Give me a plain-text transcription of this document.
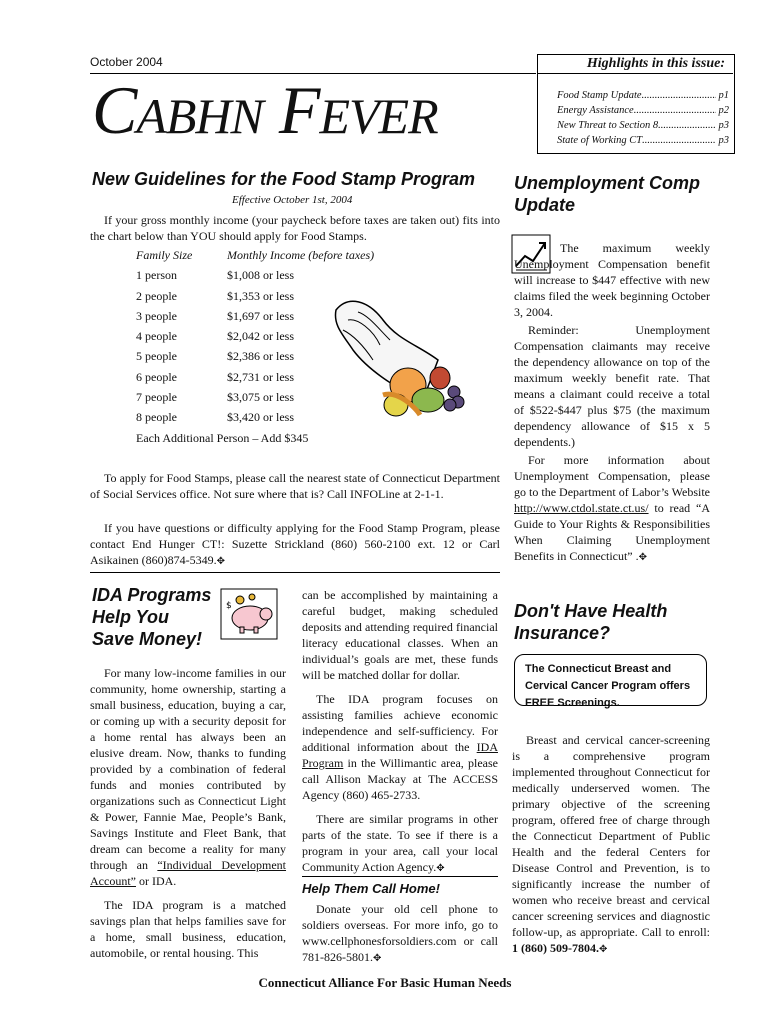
October 2004
CABHN FEVER
Highlights in this issue:
Food Stamp Update .....	p1
Energy Assistance .....	p2
New Threat to Section 8 .....	p3
State of Working CT .....	p3
New Guidelines for the Food Stamp Program
Effective October 1st, 2004

If your gross monthly income (your paycheck before taxes are taken out) fits into the chart below than YOU should apply for Food Stamps.

Family Size	Monthly Income (before taxes)
1 person	$1,008 or less
2 people	$1,353 or less
3 people	$1,697 or less
4 people	$2,042 or less
5 people	$2,386 or less
6 people	$2,731 or less
7 people	$3,075 or less
8 people	$3,420 or less
Each Additional Person – Add $345

To apply for Food Stamps, please call the nearest state of Connecticut Department of Social Services office. Not sure where that is? Call INFOLine at 2-1-1.

If you have questions or difficulty applying for the Food Stamp Program, please contact End Hunger CT!: Suzette Strickland (860) 560-2100 ext. 12 or Carl Asikainen (860)874-5349.✥

Unemployment Comp
Update

The maximum weekly Unemployment Compensation benefit will increase to $447 effective with new claims filed the week beginning October 3, 2004.

Reminder: Unemployment Compensation claimants may receive the dependency allowance on top of the maximum weekly benefit rate. That means a claimant could receive a total of $522-$447 plus $75 (the maximum dependency allowance of $15 x 5 dependents.)

For more information about Unemployment Compensation, please go to the Department of Labor’s Website http://www.ctdol.state.ct.us/ to read “A Guide to Your Rights & Responsibilities When Claiming Unemployment Benefits in Connecticut” .✥

IDA Programs
Help You
Save Money!
$

For many low-income families in our community, home ownership, starting a small business, education, buying a car, or coming up with a security deposit for a home rental has always been an elusive dream. Now, thanks to funding provided by a combination of federal funds and monies contributed by organizations such as Connecticut Light & Power, Fannie Mae, People’s Bank, Savings Institute and Fleet Bank, that dream can become a reality for many through an “Individual Development Account” or IDA.

The IDA program is a matched savings plan that helps families save for a home, small business, education, automobile, or rental housing. This

can be accomplished by maintaining a careful budget, making scheduled deposits and attending required financial literacy educational classes. When an individual’s goals are met, these funds will be matched dollar for dollar.

The IDA program focuses on assisting families achieve economic independence and self-sufficiency. For additional information about the IDA Program in the Willimantic area, please call Allison Mackay at The ACCESS Agency (860) 465-2733.

There are similar programs in other parts of the state. To see if there is a program in your area, call your local Community Action Agency.✥

Help Them Call Home!

Donate your old cell phone to soldiers overseas. For more info, go to www.cellphonesforsoldiers.com or call 781-826-5801.✥

Don't Have Health
Insurance?
The Connecticut Breast and Cervical Cancer Program offers FREE Screenings.

Breast and cervical cancer-screening is a comprehensive program implemented throughout Connecticut for medically underserved women. The primary objective of the screening program, offered free of charge through the Connecticut Department of Public Health and the federal Centers for Disease Control and Prevention, is to significantly increase the number of women who receive breast and cervical cancer screening services and diagnostic follow-up, as appropriate. Call to enroll: 1 (860) 509-7804.✥

Connecticut Alliance For Basic Human Needs
